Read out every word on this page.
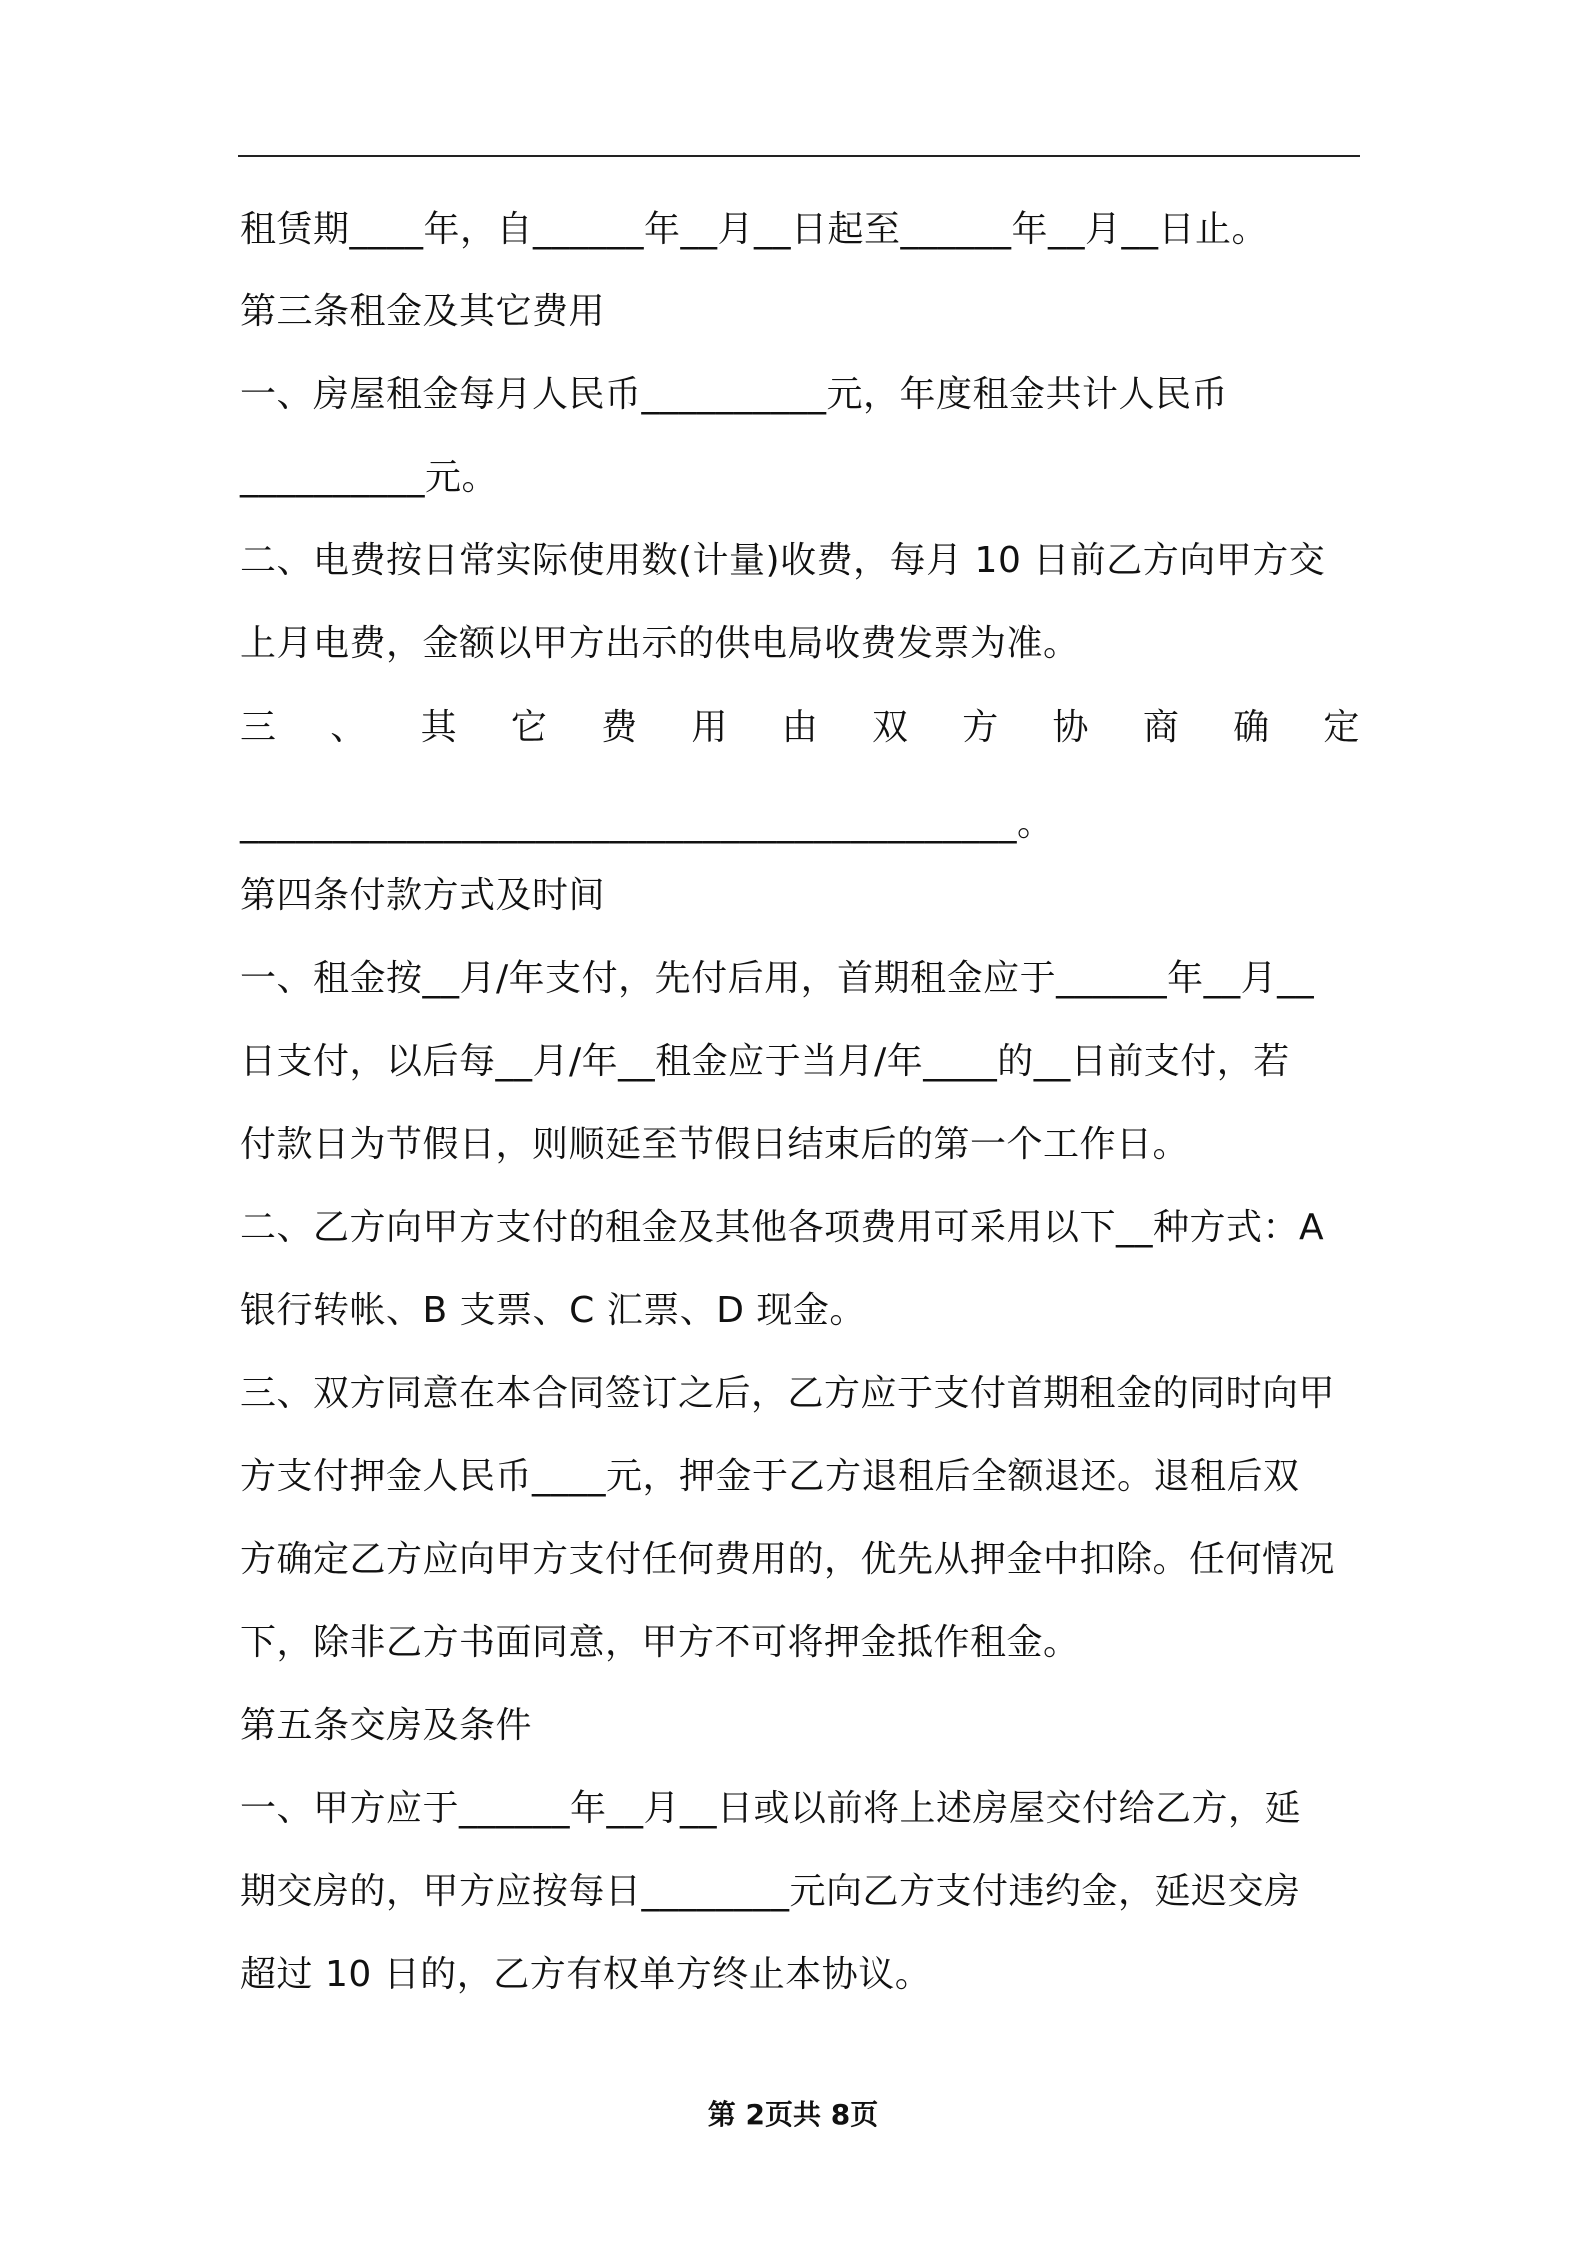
租赁期____年，自______年__月__日起至______年__月__日止。
第三条租金及其它费用
一、房屋租金每月人民币__________元，年度租金共计人民币
__________元。
二、电费按日常实际使用数(计量)收费，每月 10 日前乙方向甲方交
上月电费，金额以甲方出示的供电局收费发票为准。
三 、 其 它 费 用 由 双 方 协 商 确 定
__________________________________________。
第四条付款方式及时间
一、租金按__月/年支付，先付后用，首期租金应于______年__月__
日支付，以后每__月/年__租金应于当月/年____的__日前支付，若
付款日为节假日，则顺延至节假日结束后的第一个工作日。
二、乙方向甲方支付的租金及其他各项费用可采用以下__种方式：A
银行转帐、B 支票、C 汇票、D 现金。
三、双方同意在本合同签订之后，乙方应于支付首期租金的同时向甲
方支付押金人民币____元，押金于乙方退租后全额退还。退租后双
方确定乙方应向甲方支付任何费用的，优先从押金中扣除。任何情况
下，除非乙方书面同意，甲方不可将押金抵作租金。
第五条交房及条件
一、甲方应于______年__月__日或以前将上述房屋交付给乙方，延
期交房的，甲方应按每日________元向乙方支付违约金，延迟交房
超过 10 日的，乙方有权单方终止本协议。
第 2页共 8页
